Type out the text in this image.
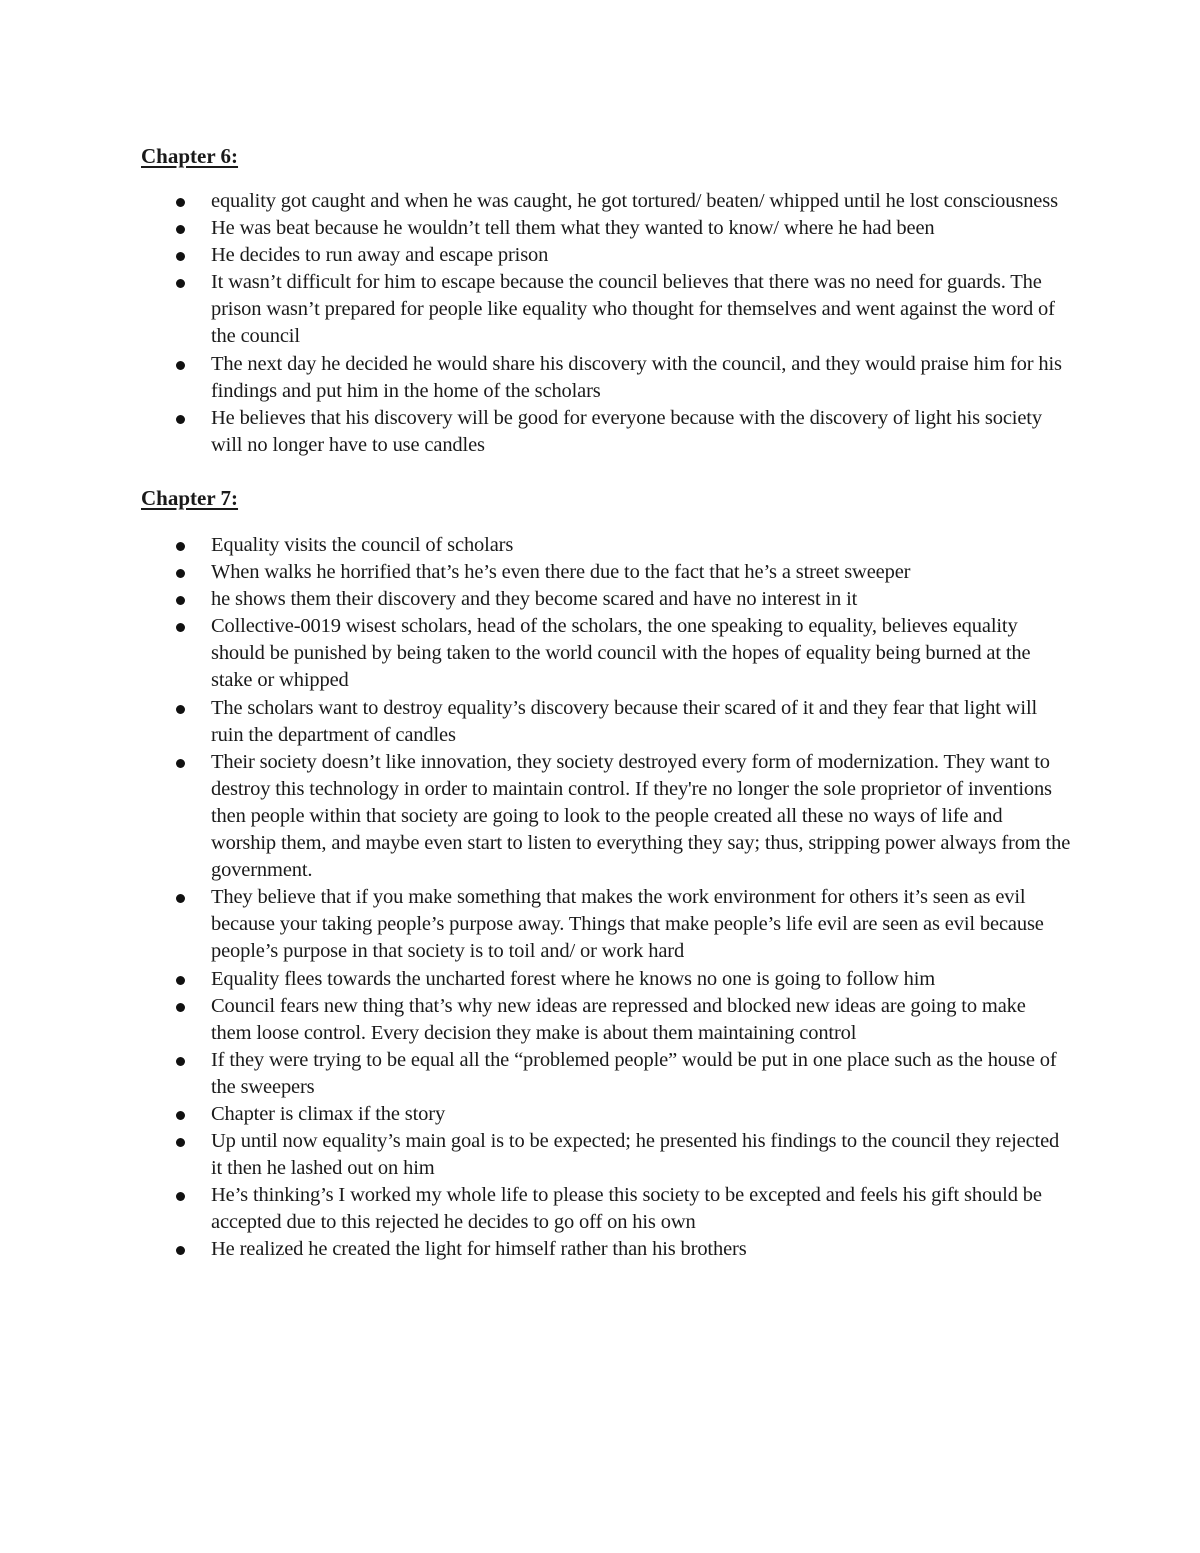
Chapter 6:

equality got caught and when he was caught, he got tortured/ beaten/ whipped until he lost consciousness
He was beat because he wouldn’t tell them what they wanted to know/ where he had been
He decides to run away and escape prison
It wasn’t difficult for him to escape because the council believes that there was no need for guards. The prison wasn’t prepared for people like equality who thought for themselves and went against the word of the council
The next day he decided he would share his discovery with the council, and they would praise him for his findings and put him in the home of the scholars
He believes that his discovery will be good for everyone because with the discovery of light his society will no longer have to use candles

Chapter 7:

Equality visits the council of scholars
When walks he horrified that’s he’s even there due to the fact that he’s a street sweeper
he shows them their discovery and they become scared and have no interest in it
Collective-0019 wisest scholars, head of the scholars, the one speaking to equality, believes equality should be punished by being taken to the world council with the hopes of equality being burned at the stake or whipped
The scholars want to destroy equality’s discovery because their scared of it and they fear that light will ruin the department of candles
Their society doesn’t like innovation, they society destroyed every form of modernization. They want to destroy this technology in order to maintain control. If they're no longer the sole proprietor of inventions then people within that society are going to look to the people created all these no ways of life and worship them, and maybe even start to listen to everything they say; thus, stripping power always from the government.
They believe that if you make something that makes the work environment for others it’s seen as evil because your taking people’s purpose away. Things that make people’s life evil are seen as evil because people’s purpose in that society is to toil and/ or work hard
Equality flees towards the uncharted forest where he knows no one is going to follow him
Council fears new thing that’s why new ideas are repressed and blocked new ideas are going to make them loose control. Every decision they make is about them maintaining control
If they were trying to be equal all the “problemed people” would be put in one place such as the house of the sweepers
Chapter is climax if the story
Up until now equality’s main goal is to be expected; he presented his findings to the council they rejected it then he lashed out on him
He’s thinking’s I worked my whole life to please this society to be excepted and feels his gift should be accepted due to this rejected he decides to go off on his own
He realized he created the light for himself rather than his brothers
